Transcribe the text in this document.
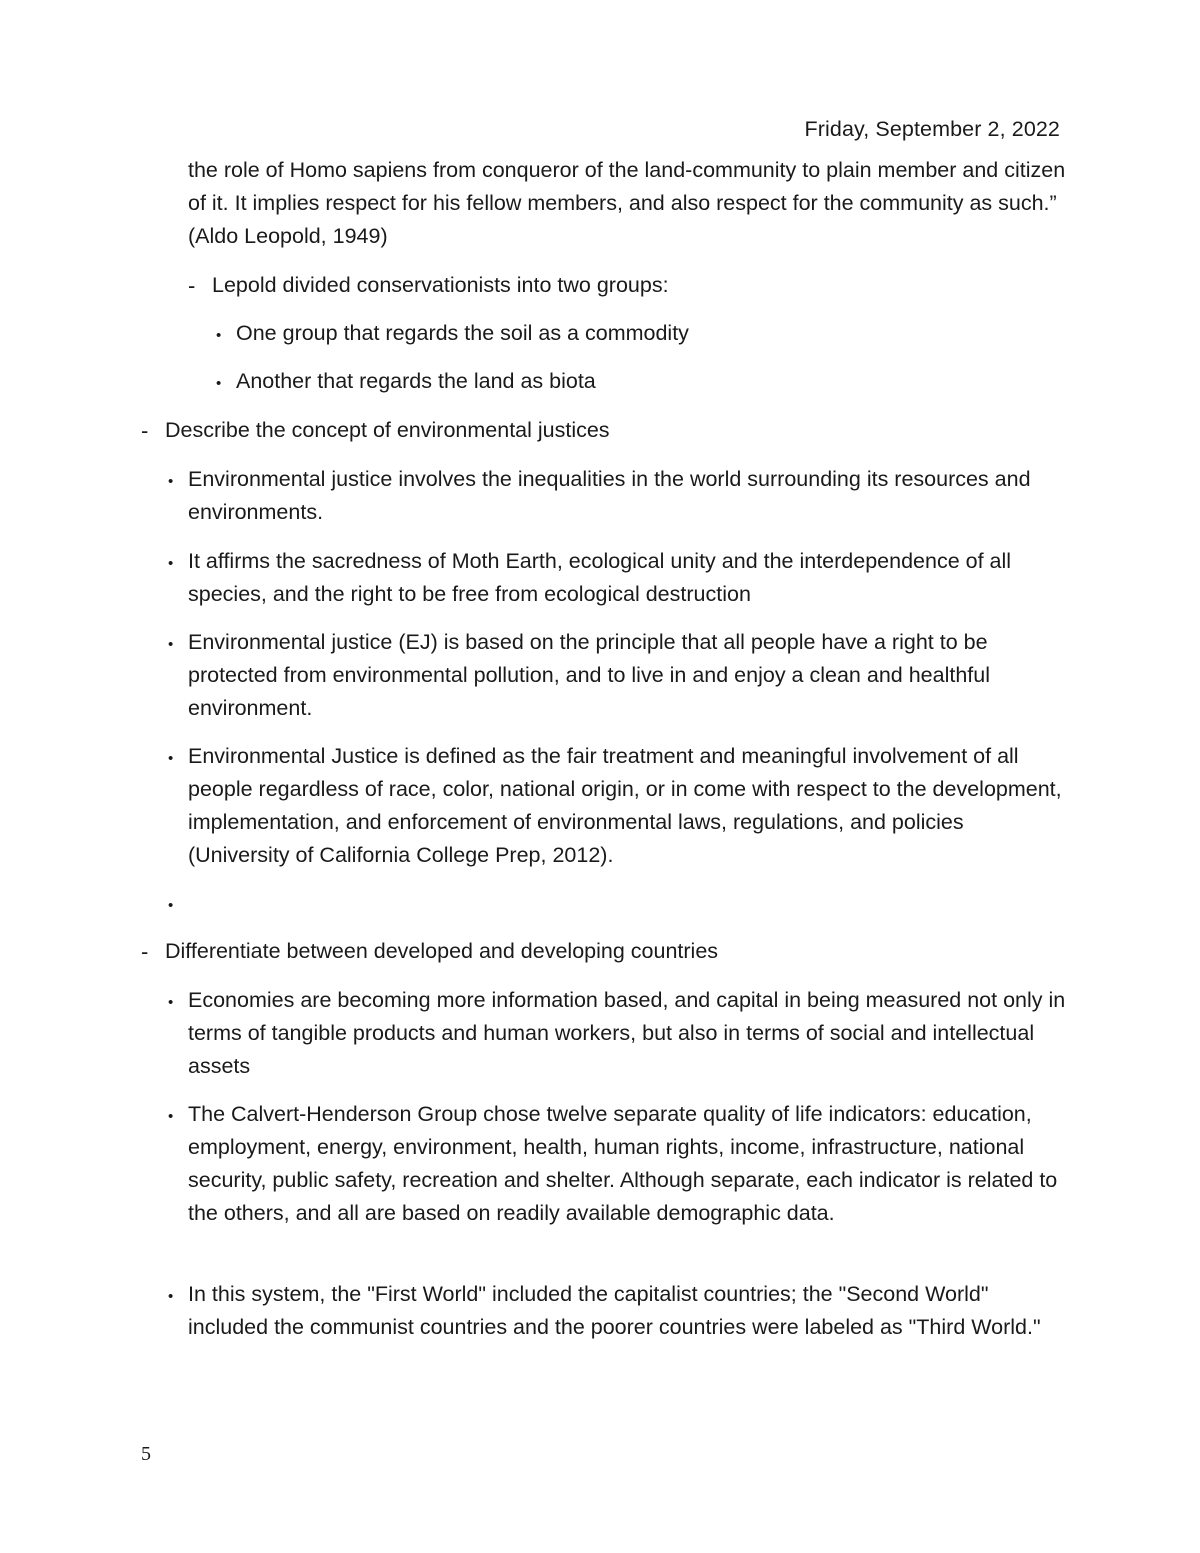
Friday, September 2, 2022
the role of Homo sapiens from conqueror of the land-community to plain member and citizen of it. It implies respect for his fellow members, and also respect for the community as such.” (Aldo Leopold, 1949)
- Lepold divided conservationists into two groups:
• One group that regards the soil as a commodity
• Another that regards the land as biota
- Describe the concept of environmental justices
• Environmental justice involves the inequalities in the world surrounding its resources and environments.
• It affirms the sacredness of Moth Earth, ecological unity and the interdependence of all species, and the right to be free from ecological destruction
• Environmental justice (EJ) is based on the principle that all people have a right to be protected from environmental pollution, and to live in and enjoy a clean and healthful environment.
• Environmental Justice is defined as the fair treatment and meaningful involvement of all people regardless of race, color, national origin, or in come with respect to the development, implementation, and enforcement of environmental laws, regulations, and policies (University of California College Prep, 2012).
•
- Differentiate between developed and developing countries
• Economies are becoming more information based, and capital in being measured not only in terms of tangible products and human workers, but also in terms of social and intellectual assets
• The Calvert-Henderson Group chose twelve separate quality of life indicators: education, employment, energy, environment, health, human rights, income, infrastructure, national security, public safety, recreation and shelter. Although separate, each indicator is related to the others, and all are based on readily available demographic data.
• In this system, the "First World" included the capitalist countries; the "Second World" included the communist countries and the poorer countries were labeled as "Third World."
5
